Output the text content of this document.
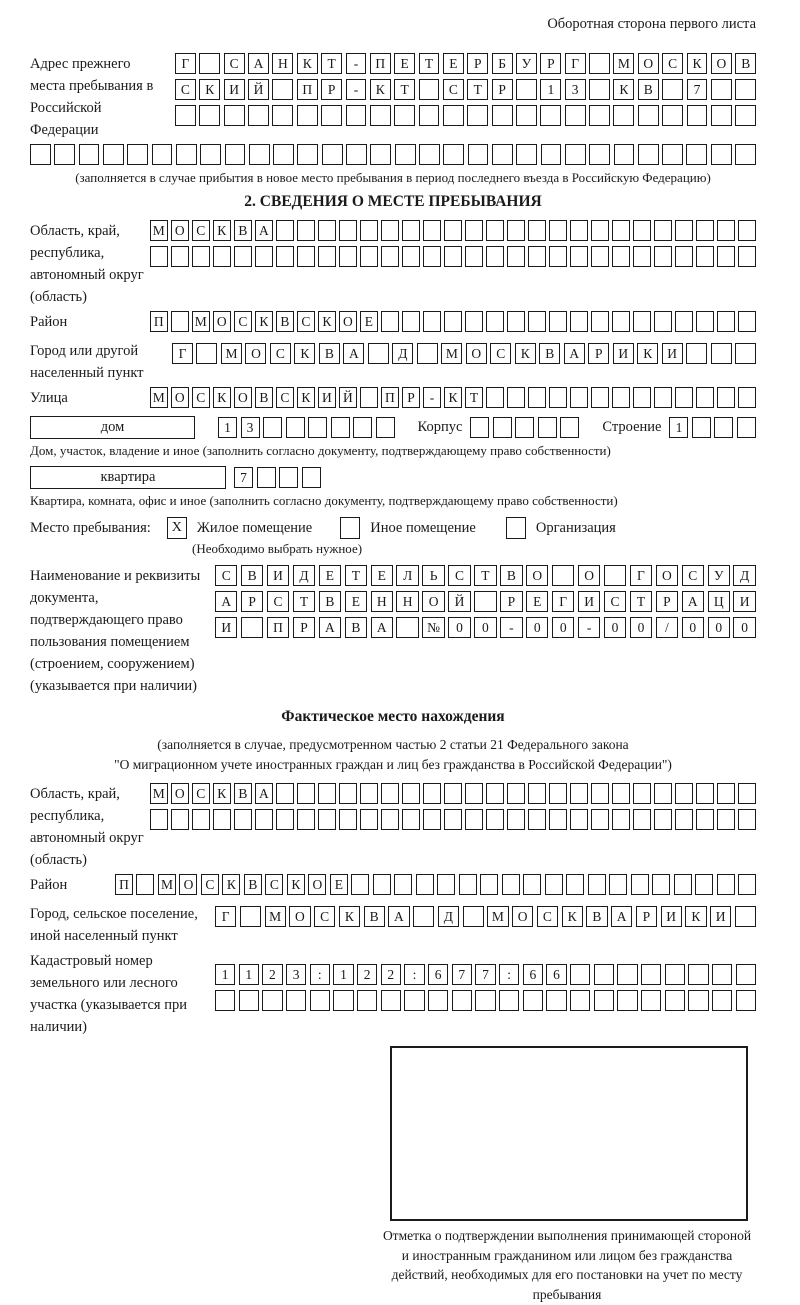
Оборотная сторона первого листа
Адрес прежнего места пребывания в Российской Федерации
Г	С	А	Н	К	Т	-	П	Е	Т	Е	Р	Б	У	Р	Г	М О	С	К	О	В
С	К	И	Й	П	Р	-	К	Т	С	Т	Р	1	3	К	В	7
(заполняется в случае прибытия в новое место пребывания в период последнего въезда в Российскую Федерацию)
2. СВЕДЕНИЯ О МЕСТЕ ПРЕБЫВАНИЯ
Область, край, республика, автономный округ (область)
М О С К В А
Район	П М О С К В С К О Е
Город или другой населенный пункт
Г	М	О	С	К	В	А	Д	М	О	С	К	В	А	Р	И	К	И
Улица	М О С К О В С К И Й П Р	-	К Т
дом	1	3	Корпус	Строение	1
Дом, участок, владение и иное (заполнить согласно документу, подтверждающему право собственности)
квартира	7
Квартира, комната, офис и иное (заполнить согласно документу, подтверждающему право собственности)
Место пребывания:	X	Жилое помещение	Иное помещение	Организация
(Необходимо выбрать нужное)
Наименование и реквизиты документа, подтверждающего право пользования помещением (строением, сооружением) (указывается при наличии)
С	В	И	Д	Е	Т	Е	Л	Ь	С	Т	В	О	О	Г	О	С	У	Д
А	Р	С	Т	В	Е	Н	Н	О	Й	Р	Е	Г	И	С	Т	Р	А	Ц	И
И	П	Р	А	В	А	№	0	0	-	0	0	-	0	0	/	0	0	0
Фактическое место нахождения
(заполняется в случае, предусмотренном частью 2 статьи 21 Федерального закона
"О миграционном учете иностранных граждан и лиц без гражданства в Российской Федерации")
Область, край, республика, автономный округ (область)
М О С К В А
Район	П	М О С К В С К О Е
Город, сельское поселение, иной населенный пункт
Г	М	О	С	К	В	А	Д	М	О	С	К	В	А	Р	И	К	И
Кадастровый номер земельного или лесного участка (указывается при наличии)
1	1	2	3	:	1	2	2	:	6	7	7	:	6	6
Отметка о подтверждении выполнения принимающей стороной и иностранным гражданином или лицом без гражданства действий, необходимых для его постановки на учет по месту пребывания
